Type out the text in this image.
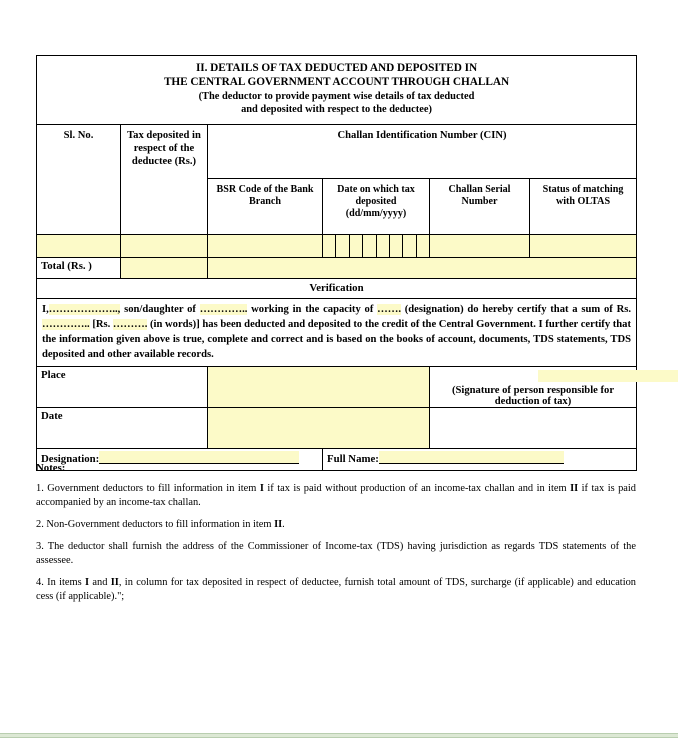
II. DETAILS OF TAX DEDUCTED AND DEPOSITED IN
THE CENTRAL GOVERNMENT ACCOUNT THROUGH CHALLAN
(The deductor to provide payment wise details of tax deducted
and deposited with respect to the deductee)					

Sl. No.	Tax deposited in respect of the deductee (Rs.)	Challan Identification Number (CIN)			
		BSR Code of the Bank Branch	Date on which tax
deposited
(dd/mm/yyyy)	Challan Serial Number	Status of matching with OLTAS

Total (Rs. )					
Verification					
I,……………….., son/daughter of ………….. working in the capacity of ……. (designation) do hereby certify that a sum of Rs. ………….. [Rs. ………. (in words)] has been deducted and deposited to the credit of the Central Government. I further certify that the information given above is true, complete and correct and is based on the books of account, documents, TDS statements, TDS deposited and other available records.					
Place				(Signature of person responsible for deduction of tax)	

Date					
Designation:			Full Name:		
Notes:
1. Government deductors to fill information in item I if tax is paid without production of an income-tax challan and in item II if tax is paid accompanied by an income-tax challan.
2. Non-Government deductors to fill information in item II.
3. The deductor shall furnish the address of the Commissioner of Income-tax (TDS) having jurisdiction as regards TDS statements of the assessee.
4. In items I and II, in column for tax deposited in respect of deductee, furnish total amount of TDS, surcharge (if applicable) and education cess (if applicable).";
